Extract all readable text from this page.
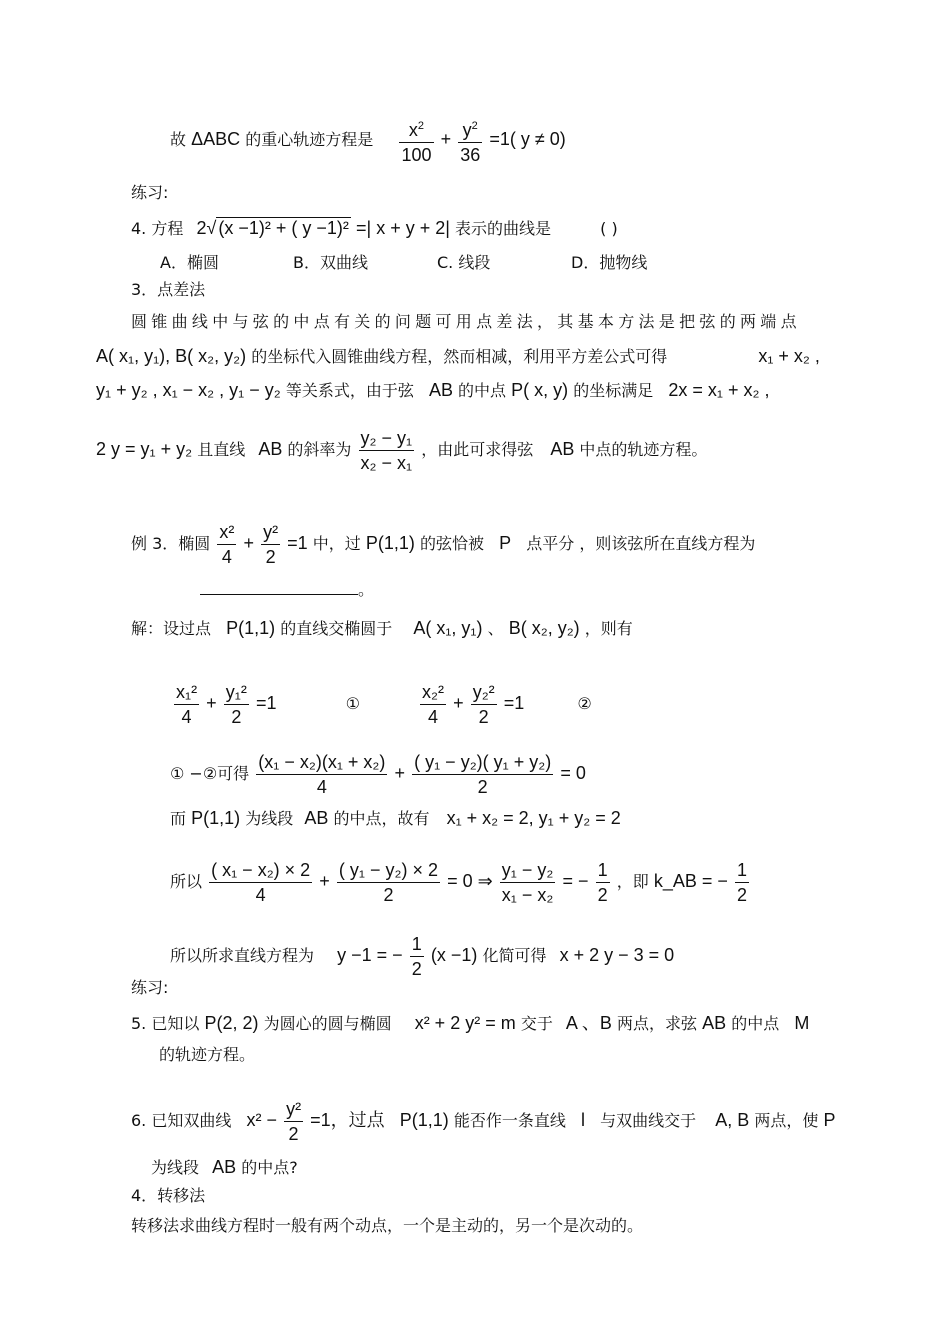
故 ΔABC 的重心轨迹方程是 $\frac{x^2}{100} + \frac{y^2}{36} =1$( y ≠ 0)
练习:
4. 方程 2√ (x −1)² + ( y −1)² =| x + y + 2| 表示的曲线是	( )
A．椭圆	B．双曲线	C. 线段	D．抛物线
3．点差法
圆锥曲线中与弦的中点有关的问题可用点差法，其基本方法是把弦的两端点
A( x₁, y₁), B( x₂, y₂) 的坐标代入圆锥曲线方程，然而相减，利用平方差公式可得	x₁ + x₂ ,
y₁ + y₂ , x₁ − x₂ , y₁ − y₂ 等关系式，由于弦 AB 的中点 P( x, y) 的坐标满足 2x = x₁ + x₂ ,
2 y = y₁ + y₂ 且直线 AB 的斜率为 $\frac{\text{y₂ − y₁}}{\text{x₂ − x₁}}$ ，由此可求得弦 AB 中点的轨迹方程。
例 3．椭圆 $\frac{\text{x²}}{4} + \frac{\text{y²}}{2} =1$ 中，过 P(1,1) 的弦恰被 P 点平分 ，则该弦所在直线方程为
。
解：设过点 P(1,1) 的直线交椭圆于 A( x₁, y₁) 、 B( x₂, y₂) ，则有
$\frac{\text{x₁²}}{4} + \frac{\text{y₁²}}{2} =1$	①	$\frac{\text{x₂²}}{4} + \frac{\text{y₂²}}{2} =1$	②
① −②可得 $\frac{\text{(x₁ − x₂)(x₁ + x₂)}}{4} + \frac{\text{( y₁ − y₂)( y₁ + y₂)}}{2} = 0$
而 P(1,1) 为线段 AB 的中点，故有 x₁ + x₂ = 2, y₁ + y₂ = 2
所以 $\frac{\text{( x₁ − x₂) × 2}}{4} + \frac{\text{( y₁ − y₂) × 2}}{2} = 0$ ⇒ $\frac{\text{y₁ − y₂}}{\text{x₁ − x₂}}$ = − $\frac{1}{2}$ ，即 k_AB = − $\frac{1}{2}$
所以所求直线方程为 y −1 = − $\frac{1}{2} (x -1)$ 化简可得 x + 2 y − 3 = 0
练习:
5. 已知以 P(2, 2) 为圆心的圆与椭圆 x² + 2 y² = m 交于 A 、B 两点，求弦 AB 的中点 M
的轨迹方程。
6. 已知双曲线 $x^2 - \frac{\text{y²}}{2} =1$，过点 P(1,1) 能否作一条直线 l 与双曲线交于 A, B 两点，使 P
为线段 AB 的中点?
4．转移法
转移法求曲线方程时一般有两个动点，一个是主动的，另一个是次动的。
